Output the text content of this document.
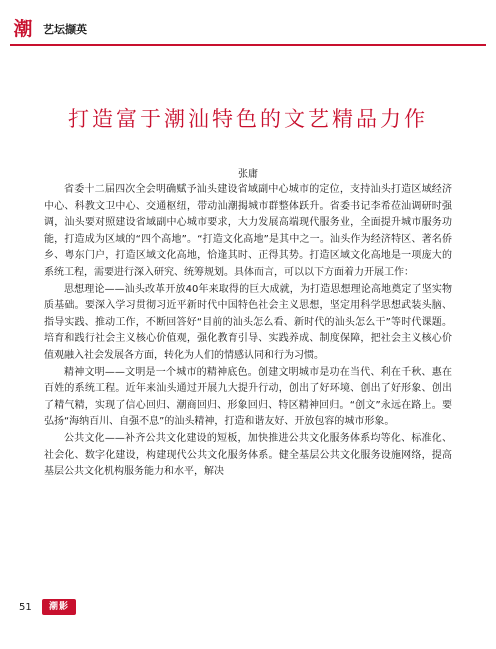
潮 艺坛撷英
打造富于潮汕特色的文艺精品力作
张庸

省委十二届四次全会明确赋予汕头建设省域副中心城市的定位，支持汕头打造区域经济中心、科教文卫中心、交通枢纽，带动汕潮揭城市群整体跃升。省委书记李希莅汕调研时强调，汕头要对照建设省域副中心城市要求，大力发展高端现代服务业，全面提升城市服务功能，打造成为区域的“四个高地”。“打造文化高地”是其中之一。汕头作为经济特区、著名侨乡、粤东门户，打造区域文化高地，恰逢其时、正得其势。打造区域文化高地是一项庞大的系统工程，需要进行深入研究、统筹规划。具体而言，可以以下方面着力开展工作：

思想理论——汕头改革开放40年来取得的巨大成就，为打造思想理论高地奠定了坚实物质基础。要深入学习贯彻习近平新时代中国特色社会主义思想，坚定用科学思想武装头脑、指导实践、推动工作，不断回答好“目前的汕头怎么看、新时代的汕头怎么干”等时代课题。培育和践行社会主义核心价值观，强化教育引导、实践养成、制度保障，把社会主义核心价值观融入社会发展各方面，转化为人们的情感认同和行为习惯。

精神文明——文明是一个城市的精神底色。创建文明城市是功在当代、利在千秋、惠在百姓的系统工程。近年来汕头通过开展九大提升行动，创出了好环境、创出了好形象、创出了精气精，实现了信心回归、潮商回归、形象回归、特区精神回归。“创文”永远在路上。要弘扬“海纳百川、自强不息”的汕头精神，打造和谐友好、开放包容的城市形象。

公共文化——补齐公共文化建设的短板，加快推进公共文化服务体系均等化、标准化、社会化、数字化建设，构建现代公共文化服务体系。健全基层公共文化服务设施网络，提高基层公共文化机构服务能力和水平，解决

51	潮影
